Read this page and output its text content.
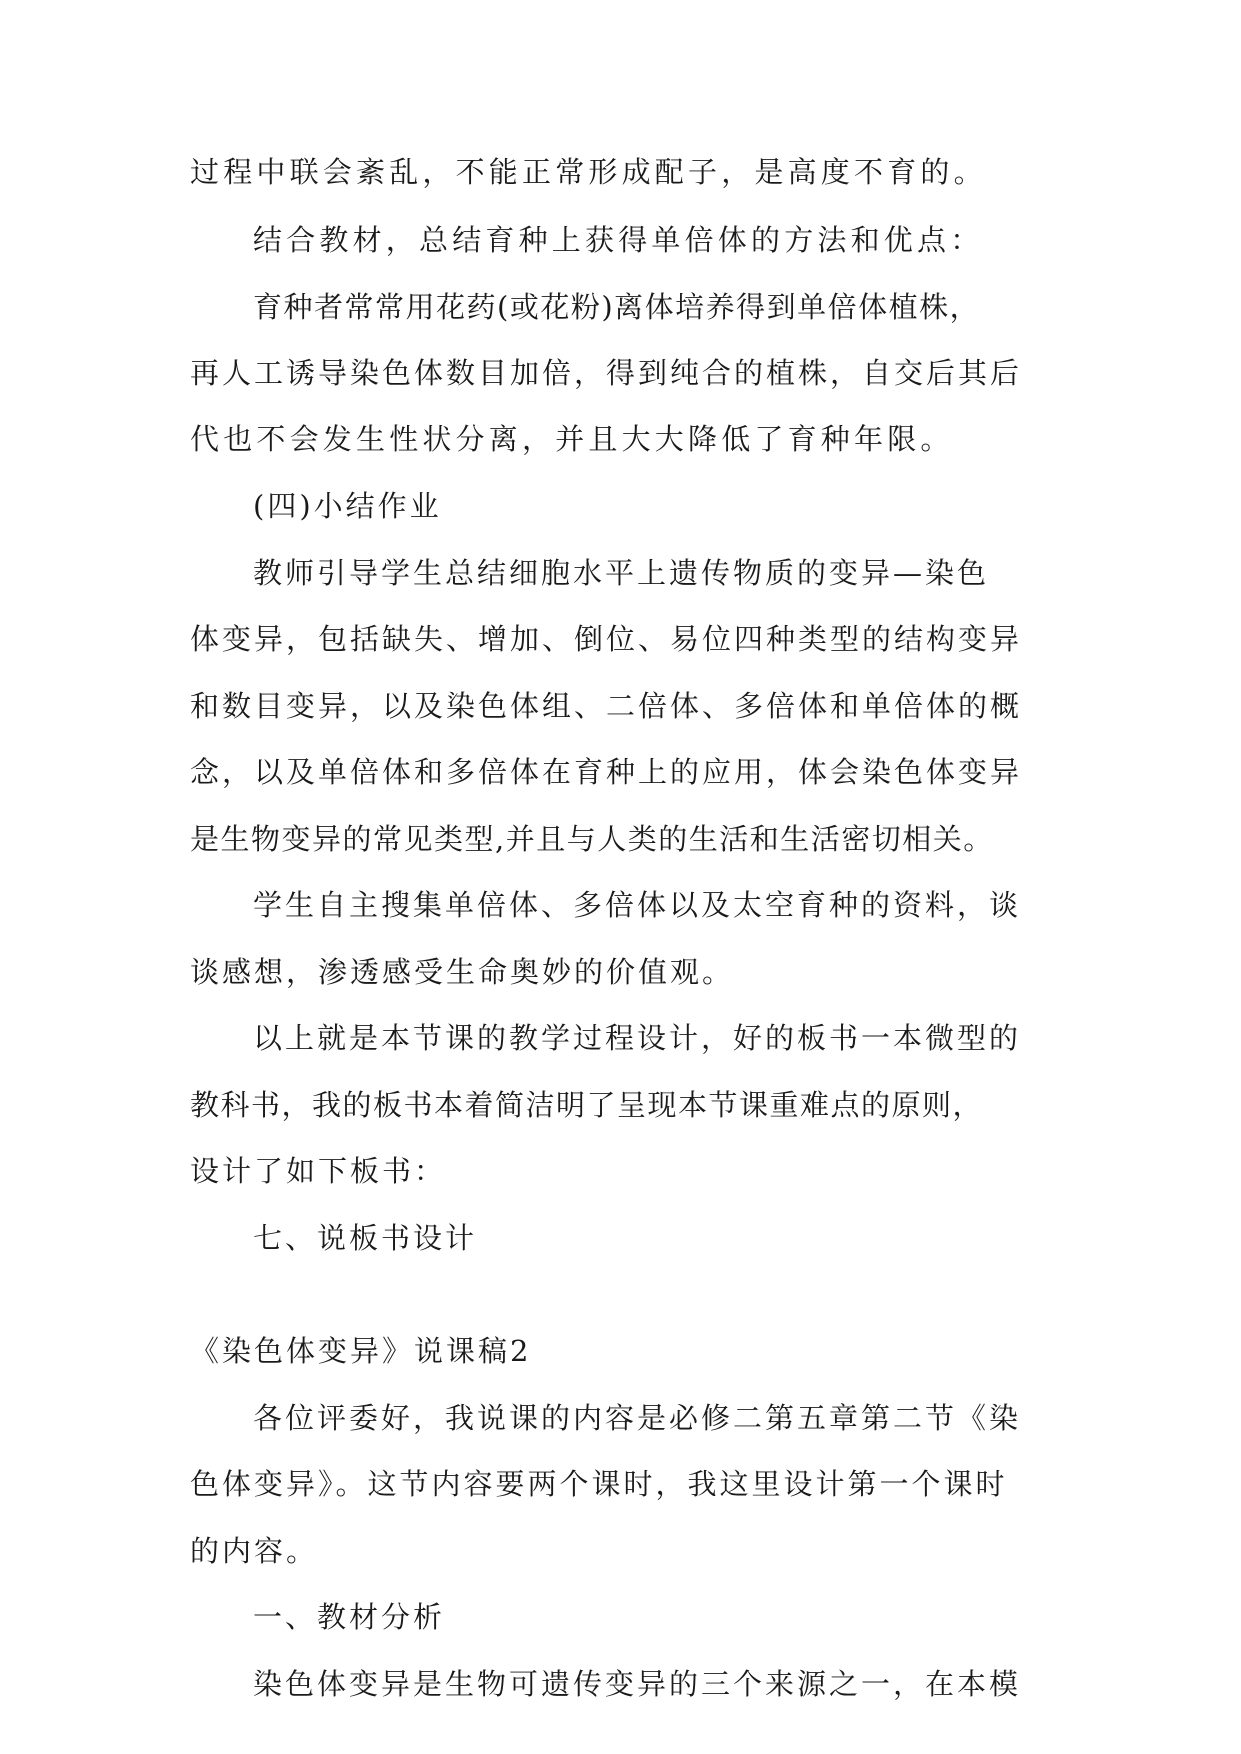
过程中联会紊乱，不能正常形成配子，是高度不育的。
结合教材，总结育种上获得单倍体的方法和优点：
育种者常常用花药(或花粉)离体培养得到单倍体植株，
再人工诱导染色体数目加倍，得到纯合的植株，自交后其后
代也不会发生性状分离，并且大大降低了育种年限。
(四)小结作业
教师引导学生总结细胞水平上遗传物质的变异—染色
体变异，包括缺失、增加、倒位、易位四种类型的结构变异
和数目变异，以及染色体组、二倍体、多倍体和单倍体的概
念，以及单倍体和多倍体在育种上的应用，体会染色体变异
是生物变异的常见类型,并且与人类的生活和生活密切相关。
学生自主搜集单倍体、多倍体以及太空育种的资料，谈
谈感想，渗透感受生命奥妙的价值观。
以上就是本节课的教学过程设计，好的板书一本微型的
教科书，我的板书本着简洁明了呈现本节课重难点的原则，
设计了如下板书：
七、说板书设计
《染色体变异》说课稿2
各位评委好，我说课的内容是必修二第五章第二节《染
色体变异》。这节内容要两个课时，我这里设计第一个课时
的内容。
一、教材分析
染色体变异是生物可遗传变异的三个来源之一，在本模
